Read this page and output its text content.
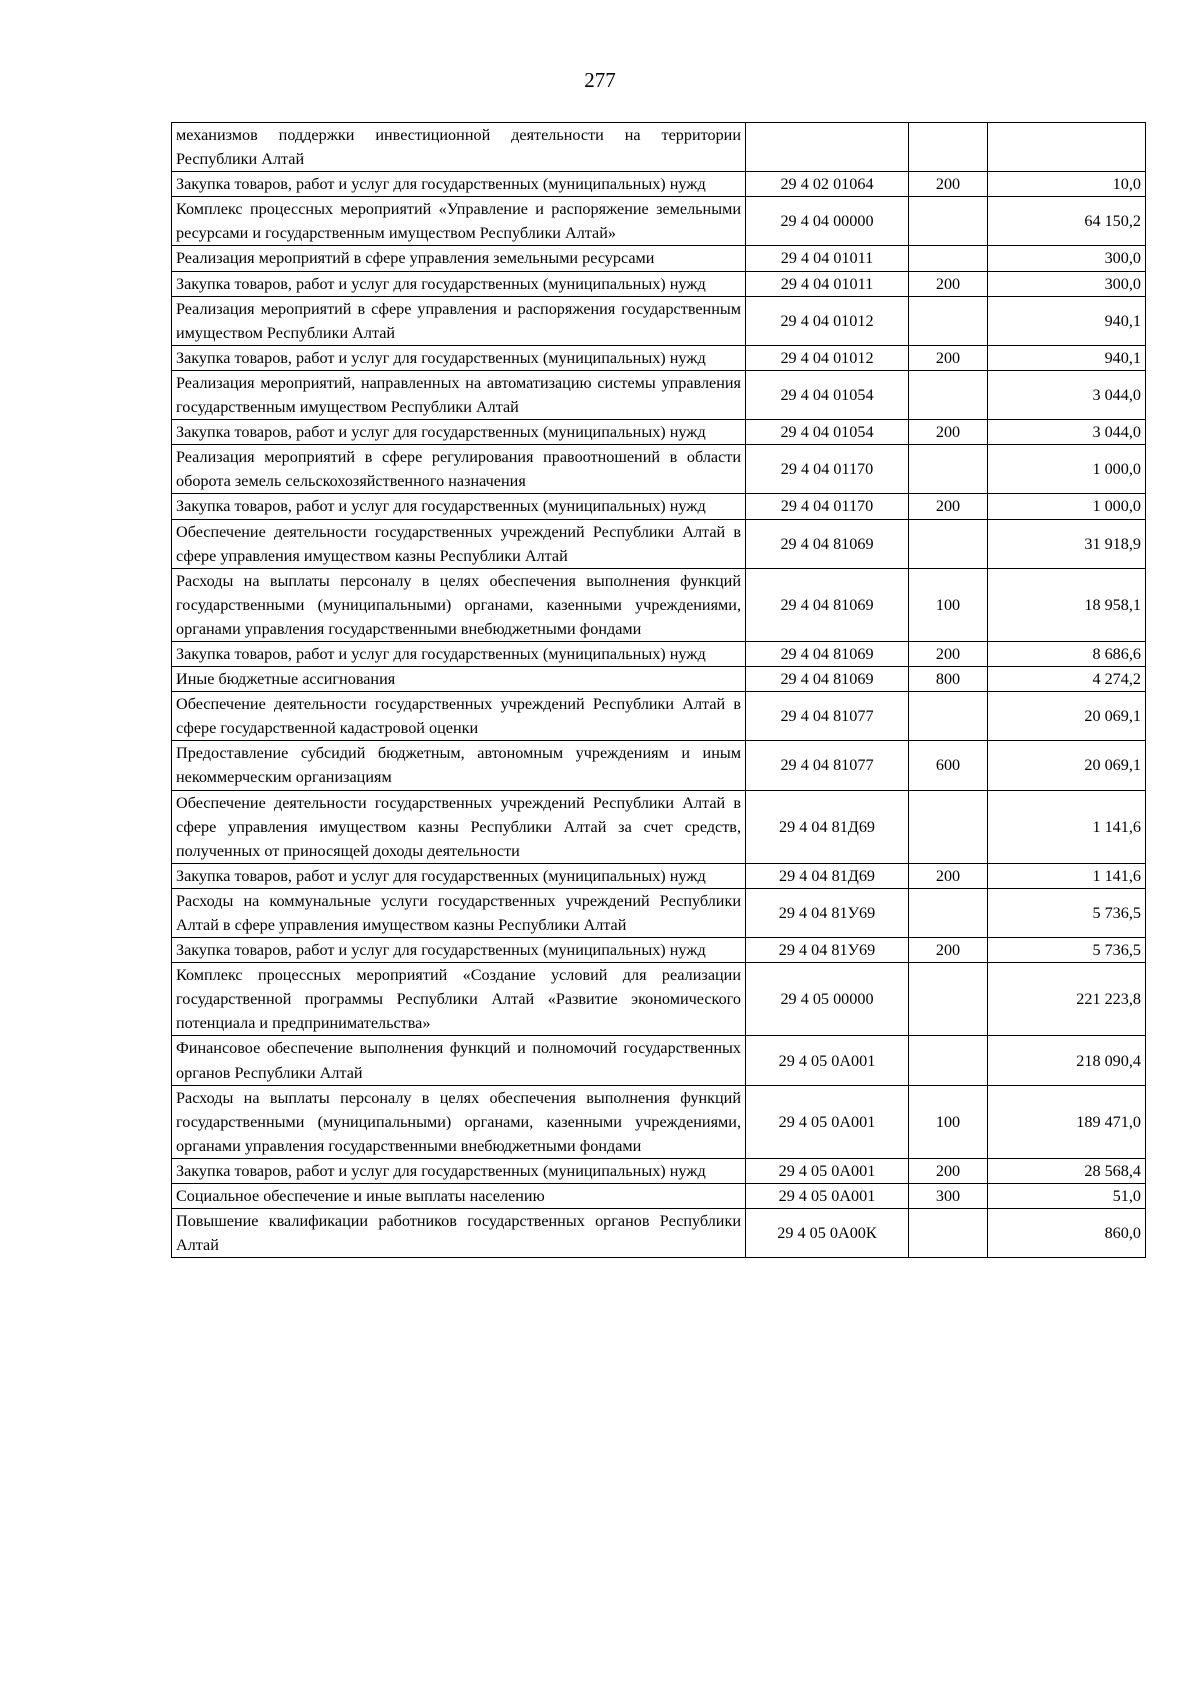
277
механизмов поддержки инвестиционной деятельности на территории Республики Алтай			
Закупка товаров, работ и услуг для государственных (муниципальных) нужд	29 4 02 01064	200	10,0
Комплекс процессных мероприятий «Управление и распоряжение земельными ресурсами и государственным имуществом Республики Алтай»	29 4 04 00000		64 150,2
Реализация мероприятий в сфере управления земельными ресурсами	29 4 04 01011		300,0
Закупка товаров, работ и услуг для государственных (муниципальных) нужд	29 4 04 01011	200	300,0
Реализация мероприятий в сфере управления и распоряжения государственным имуществом Республики Алтай	29 4 04 01012		940,1
Закупка товаров, работ и услуг для государственных (муниципальных) нужд	29 4 04 01012	200	940,1
Реализация мероприятий, направленных на автоматизацию системы управления государственным имуществом Республики Алтай	29 4 04 01054		3 044,0
Закупка товаров, работ и услуг для государственных (муниципальных) нужд	29 4 04 01054	200	3 044,0
Реализация мероприятий в сфере регулирования правоотношений в области оборота земель сельскохозяйственного назначения	29 4 04 01170		1 000,0
Закупка товаров, работ и услуг для государственных (муниципальных) нужд	29 4 04 01170	200	1 000,0
Обеспечение деятельности государственных учреждений Республики Алтай в сфере управления имуществом казны Республики Алтай	29 4 04 81069		31 918,9
Расходы на выплаты персоналу в целях обеспечения выполнения функций государственными (муниципальными) органами, казенными учреждениями, органами управления государственными внебюджетными фондами	29 4 04 81069	100	18 958,1
Закупка товаров, работ и услуг для государственных (муниципальных) нужд	29 4 04 81069	200	8 686,6
Иные бюджетные ассигнования	29 4 04 81069	800	4 274,2
Обеспечение деятельности государственных учреждений Республики Алтай в сфере государственной кадастровой оценки	29 4 04 81077		20 069,1
Предоставление субсидий бюджетным, автономным учреждениям и иным некоммерческим организациям	29 4 04 81077	600	20 069,1
Обеспечение деятельности государственных учреждений Республики Алтай в сфере управления имуществом казны Республики Алтай за счет средств, полученных от приносящей доходы деятельности	29 4 04 81Д69		1 141,6
Закупка товаров, работ и услуг для государственных (муниципальных) нужд	29 4 04 81Д69	200	1 141,6
Расходы на коммунальные услуги государственных учреждений Республики Алтай в сфере управления имуществом казны Республики Алтай	29 4 04 81У69		5 736,5
Закупка товаров, работ и услуг для государственных (муниципальных) нужд	29 4 04 81У69	200	5 736,5
Комплекс процессных мероприятий «Создание условий для реализации государственной программы Республики Алтай «Развитие экономического потенциала и предпринимательства»	29 4 05 00000		221 223,8
Финансовое обеспечение выполнения функций и полномочий государственных органов Республики Алтай	29 4 05 0А001		218 090,4
Расходы на выплаты персоналу в целях обеспечения выполнения функций государственными (муниципальными) органами, казенными учреждениями, органами управления государственными внебюджетными фондами	29 4 05 0А001	100	189 471,0
Закупка товаров, работ и услуг для государственных (муниципальных) нужд	29 4 05 0А001	200	28 568,4
Социальное обеспечение и иные выплаты населению	29 4 05 0А001	300	51,0
Повышение квалификации работников государственных органов Республики Алтай	29 4 05 0А00К		860,0
